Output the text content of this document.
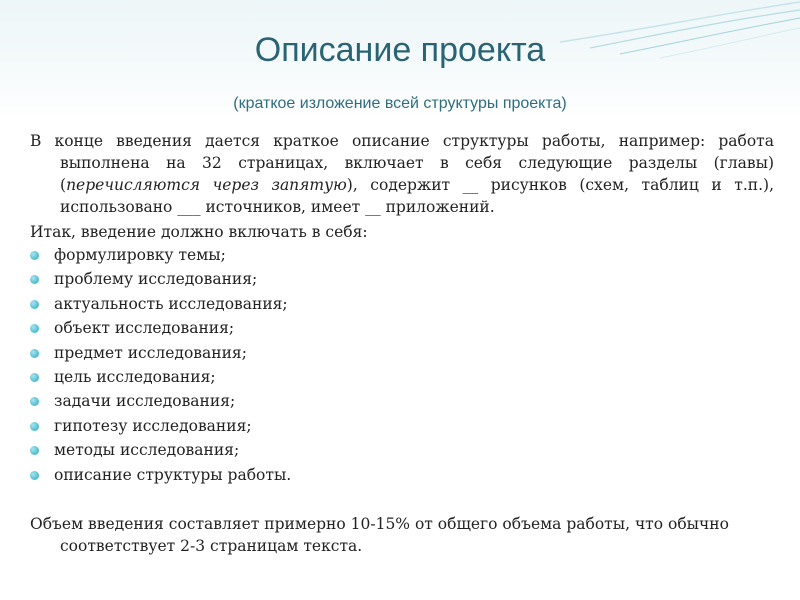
Описание проекта
(краткое изложение всей структуры проекта)

В конце введения дается краткое описание структуры работы, например: работа выполнена на 32 страницах, включает в себя следующие разделы (главы) (перечисляются через запятую), содержит __ рисунков (схем, таблиц и т.п.), использовано ___ источников, имеет __ приложений.

Итак, введение должно включать в себя:

формулировку темы;
проблему исследования;
актуальность исследования;
объект исследования;
предмет исследования;
цель исследования;
задачи исследования;
гипотезу исследования;
методы исследования;
описание структуры работы.

Объем введения составляет примерно 10-15% от общего объема работы, что обычно соответствует 2-3 страницам текста.
